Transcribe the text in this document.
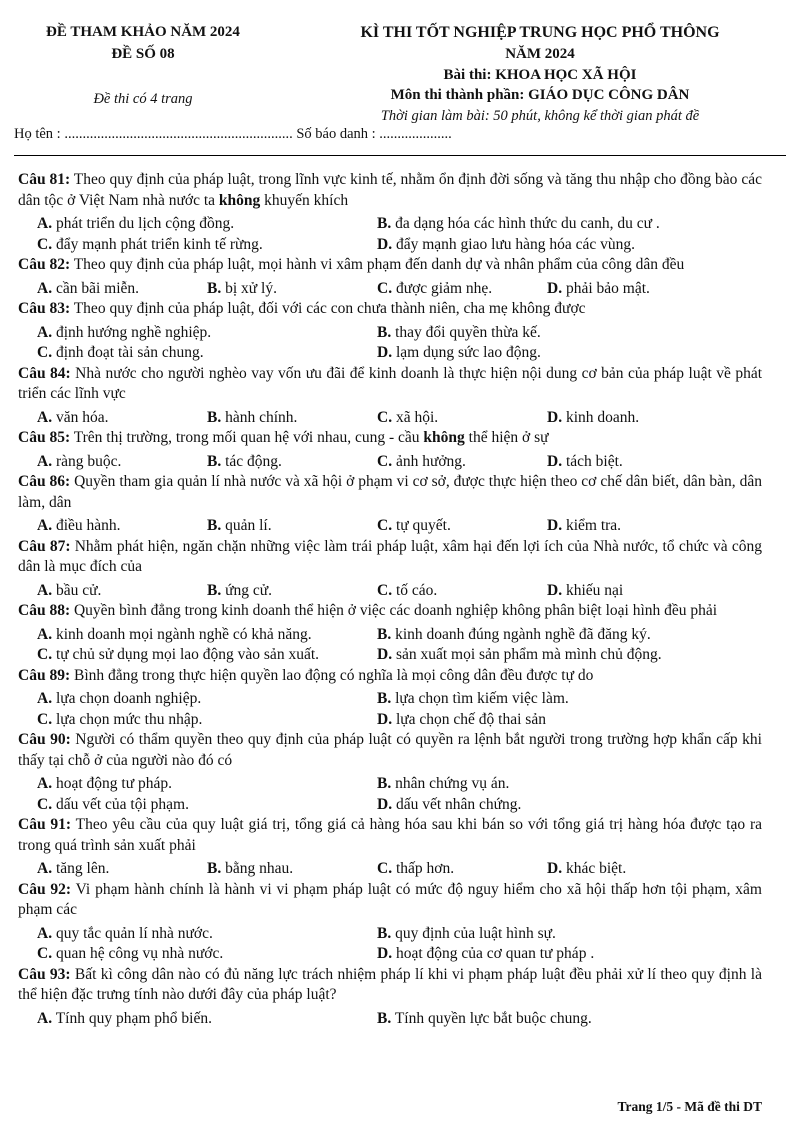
ĐỀ THAM KHẢO NĂM 2024
ĐỀ SỐ 08
Đề thi có 4 trang
KÌ THI TỐT NGHIỆP TRUNG HỌC PHỔ THÔNG
NĂM 2024
Bài thi: KHOA HỌC XÃ HỘI
Môn thi thành phần: GIÁO DỤC CÔNG DÂN
Thời gian làm bài: 50 phút, không kể thời gian phát đề
Họ tên : ............................................................... Số báo danh : ....................
Câu 81: Theo quy định của pháp luật, trong lĩnh vực kinh tế, nhằm ổn định đời sống và tăng thu nhập cho đồng bào các dân tộc ở Việt Nam nhà nước ta không khuyến khích
A. phát triển du lịch cộng đồng.	B. đa dạng hóa các hình thức du canh, du cư .
C. đẩy mạnh phát triển kinh tế rừng.	D. đẩy mạnh giao lưu hàng hóa các vùng.
Câu 82: Theo quy định của pháp luật, mọi hành vi xâm phạm đến danh dự và nhân phẩm của công dân đều
A. cần bãi miễn.	B. bị xử lý.	C. được giảm nhẹ.	D. phải bảo mật.
Câu 83: Theo quy định của pháp luật, đối với các con chưa thành niên, cha mẹ không được
A. định hướng nghề nghiệp.	B. thay đổi quyền thừa kế.
C. định đoạt tài sản chung.	D. lạm dụng sức lao động.
Câu 84: Nhà nước cho người nghèo vay vốn ưu đãi để kinh doanh là thực hiện nội dung cơ bản của pháp luật về phát triển các lĩnh vực
A. văn hóa.	B. hành chính.	C. xã hội.	D. kinh doanh.
Câu 85: Trên thị trường, trong mối quan hệ với nhau, cung - cầu không thể hiện ở sự
A. ràng buộc.	B. tác động.	C. ảnh hưởng.	D. tách biệt.
Câu 86: Quyền tham gia quản lí nhà nước và xã hội ở phạm vi cơ sở, được thực hiện theo cơ chế dân biết, dân bàn, dân làm, dân
A. điều hành.	B. quản lí.	C. tự quyết.	D. kiểm tra.
Câu 87: Nhằm phát hiện, ngăn chặn những việc làm trái pháp luật, xâm hại đến lợi ích của Nhà nước, tổ chức và công dân là mục đích của
A. bầu cử.	B. ứng cử.	C. tố cáo.	D. khiếu nại
Câu 88: Quyền bình đẳng trong kinh doanh thể hiện ở việc các doanh nghiệp không phân biệt loại hình đều phải
A. kinh doanh mọi ngành nghề có khả năng.	B. kinh doanh đúng ngành nghề đã đăng ký.
C. tự chủ sử dụng mọi lao động vào sản xuất.	D. sản xuất mọi sản phẩm mà mình chủ động.
Câu 89: Bình đẳng trong thực hiện quyền lao động có nghĩa là mọi công dân đều được tự do
A. lựa chọn doanh nghiệp.	B. lựa chọn tìm kiếm việc làm.
C. lựa chọn mức thu nhập.	D. lựa chọn chế độ thai sản
Câu 90: Người có thẩm quyền theo quy định của pháp luật có quyền ra lệnh bắt người trong trường hợp khẩn cấp khi thấy tại chỗ ở của người nào đó có
A. hoạt động tư pháp.	B. nhân chứng vụ án.
C. dấu vết của tội phạm.	D. dấu vết nhân chứng.
Câu 91: Theo yêu cầu của quy luật giá trị, tổng giá cả hàng hóa sau khi bán so với tổng giá trị hàng hóa được tạo ra trong quá trình sản xuất phải
A. tăng lên.	B. bằng nhau.	C. thấp hơn.	D. khác biệt.
Câu 92: Vi phạm hành chính là hành vi vi phạm pháp luật có mức độ nguy hiểm cho xã hội thấp hơn tội phạm, xâm phạm các
A. quy tắc quản lí nhà nước.	B. quy định của luật hình sự.
C. quan hệ công vụ nhà nước.	D. hoạt động của cơ quan tư pháp .
Câu 93: Bất kì công dân nào có đủ năng lực trách nhiệm pháp lí khi vi phạm pháp luật đều phải xử lí theo quy định là thể hiện đặc trưng tính nào dưới đây của pháp luật?
A. Tính quy phạm phổ biến.	B. Tính quyền lực bắt buộc chung.
Trang 1/5 - Mã đề thi DT
